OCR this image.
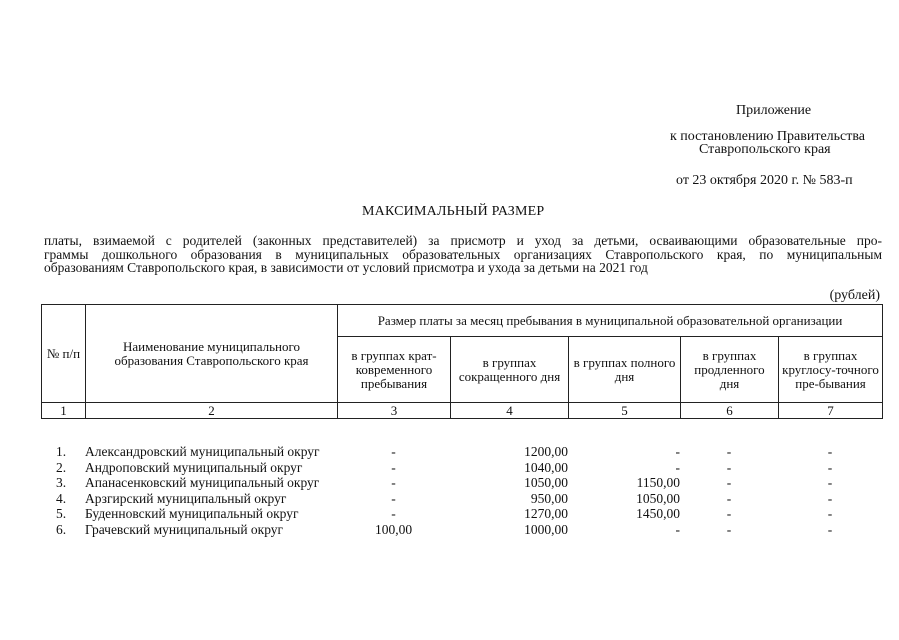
Приложение
к постановлению Правительства
Ставропольского края
от 23 октября 2020 г. № 583-п
МАКСИМАЛЬНЫЙ РАЗМЕР
платы, взимаемой с родителей (законных представителей) за присмотр и уход за детьми, осваивающими образовательные про-
граммы дошкольного образования в муниципальных образовательных организациях Ставропольского края, по муниципальным
образованиям Ставропольского края, в зависимости от условий присмотра и ухода за детьми на 2021 год
(рублей)
№ п/п	Наименование муниципального образования Ставропольского края	Размер платы за месяц пребывания в муниципальной образовательной организации				
		в группах крат-ковременного пребывания	в группах сокращенного дня	в группах полного дня	в группах продленного дня	в группах круглосу-точного пре-бывания
1	2	3	4	5	6	7
1.	Александровский муниципальный округ	-	1200,00	-	-	-
2.	Андроповский муниципальный округ	-	1040,00	-	-	-
3.	Апанасенковский муниципальный округ	-	1050,00	1150,00	-	-
4.	Арзгирский муниципальный округ	-	950,00	1050,00	-	-
5.	Буденновский муниципальный округ	-	1270,00	1450,00	-	-
6.	Грачевский муниципальный округ	100,00	1000,00	-	-	-
